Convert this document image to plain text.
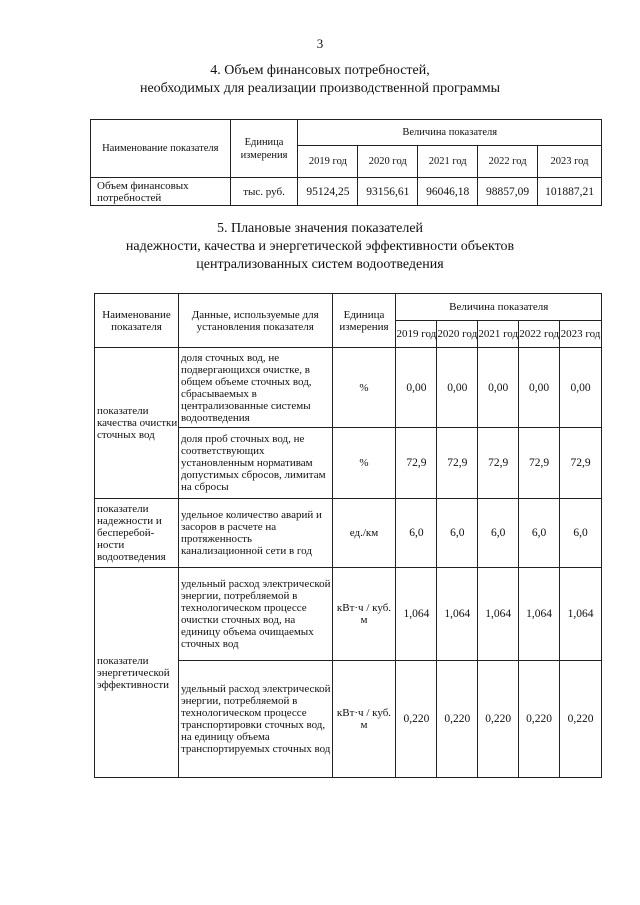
3
4. Объем финансовых потребностей,
необходимых для реализации производственной программы
Наименование показателя	Единица измерения	Величина показателя				
		2019 год	2020 год	2021 год	2022 год	2023 год
Объем финансовых потребностей	тыс. руб.	95124,25	93156,61	96046,18	98857,09	101887,21
5. Плановые значения показателей
надежности, качества и энергетической эффективности объектов
централизованных систем водоотведения
Наименование показателя	Данные, используемые для установления показателя	Единица измерения	Величина показателя				
			2019 год	2020 год	2021 год	2022 год	2023 год
показатели качества очистки сточных вод	доля сточных вод, не подвергающихся очистке, в общем объеме сточных вод, сбрасываемых в централизованные системы водоотведения	%	0,00	0,00	0,00	0,00	0,00
	доля проб сточных вод, не соответствующих установленным нормативам допустимых сбросов, лимитам на сбросы	%	72,9	72,9	72,9	72,9	72,9
показатели надежности и бесперебой-ности водоотведения	удельное количество аварий и засоров в расчете на протяженность канализационной сети в год	ед./км	6,0	6,0	6,0	6,0	6,0
показатели энергетической эффективности	удельный расход электрической энергии, потребляемой в технологическом процессе очистки сточных вод, на единицу объема очищаемых сточных вод	кВт·ч / куб. м	1,064	1,064	1,064	1,064	1,064
	удельный расход электрической энергии, потребляемой в технологическом процессе транспортировки сточных вод, на единицу объема транспортируемых сточных вод	кВт·ч / куб. м	0,220	0,220	0,220	0,220	0,220
